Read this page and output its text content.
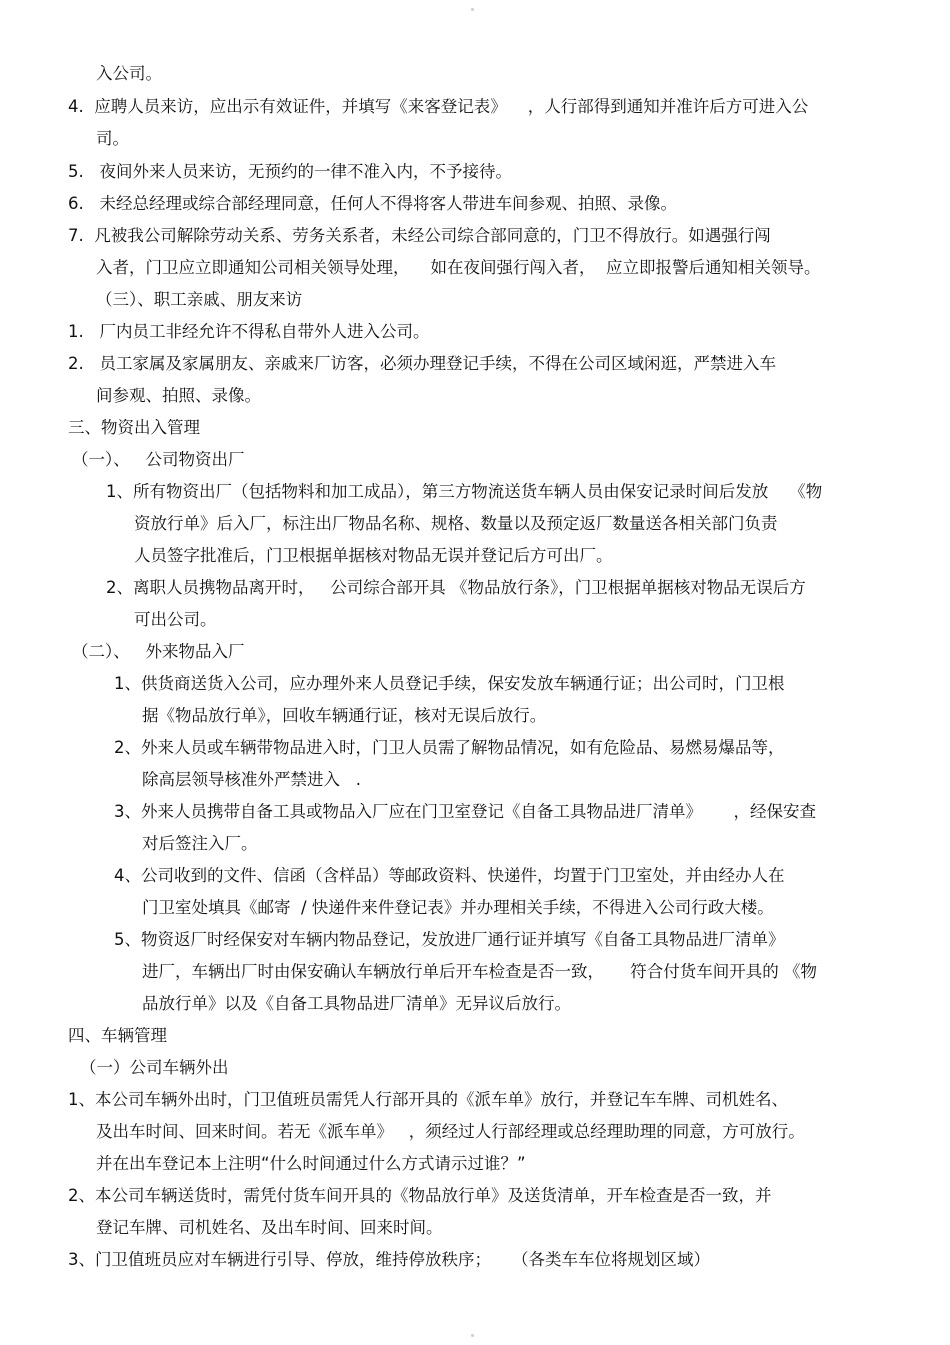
入公司。
4.  应聘人员来访，应出示有效证件，并填写《来客登记表》    ，人行部得到通知并准许后方可进入公
司。
5.   夜间外来人员来访，无预约的一律不准入内，不予接待。
6.   未经总经理或综合部经理同意，任何人不得将客人带进车间参观、拍照、录像。
7.  凡被我公司解除劳动关系、劳务关系者，未经公司综合部同意的，门卫不得放行。如遇强行闯
入者，门卫应立即通知公司相关领导处理，    如在夜间强行闯入者，  应立即报警后通知相关领导。
（三）、职工亲戚、朋友来访
1.   厂内员工非经允许不得私自带外人进入公司。
2.   员工家属及家属朋友、亲戚来厂访客，必须办理登记手续，不得在公司区域闲逛，严禁进入车
间参观、拍照、录像。
三、物资出入管理
（一）、   公司物资出厂
1、所有物资出厂（包括物料和加工成品），第三方物流送货车辆人员由保安记录时间后发放    《物
资放行单》后入厂，标注出厂物品名称、规格、数量以及预定返厂数量送各相关部门负责
人员签字批准后，门卫根据单据核对物品无误并登记后方可出厂。
2、离职人员携物品离开时，   公司综合部开具 《物品放行条》，门卫根据单据核对物品无误后方
可出公司。
（二）、   外来物品入厂
1、供货商送货入公司，应办理外来人员登记手续，保安发放车辆通行证；出公司时，门卫根
据《物品放行单》，回收车辆通行证，核对无误后放行。
2、外来人员或车辆带物品进入时，门卫人员需了解物品情况，如有危险品、易燃易爆品等，
除高层领导核准外严禁进入   .
3、外来人员携带自备工具或物品入厂应在门卫室登记《自备工具物品进厂清单》      ，经保安查
对后签注入厂。
4、公司收到的文件、信函（含样品）等邮政资料、快递件，均置于门卫室处，并由经办人在
门卫室处填具《邮寄  / 快递件来件登记表》并办理相关手续，不得进入公司行政大楼。
5、物资返厂时经保安对车辆内物品登记，发放进厂通行证并填写《自备工具物品进厂清单》
进厂，车辆出厂时由保安确认车辆放行单后开车检查是否一致，     符合付货车间开具的 《物
品放行单》以及《自备工具物品进厂清单》无异议后放行。
四、车辆管理
（一）公司车辆外出
1、本公司车辆外出时，门卫值班员需凭人行部开具的《派车单》放行，并登记车车牌、司机姓名、
及出车时间、回来时间。若无《派车单》   ，须经过人行部经理或总经理助理的同意，方可放行。
并在出车登记本上注明“什么时间通过什么方式请示过谁？”
2、本公司车辆送货时，需凭付货车间开具的《物品放行单》及送货清单，开车检查是否一致，并
登记车牌、司机姓名、及出车时间、回来时间。
3、门卫值班员应对车辆进行引导、停放，维持停放秩序；    （各类车车位将规划区域）
